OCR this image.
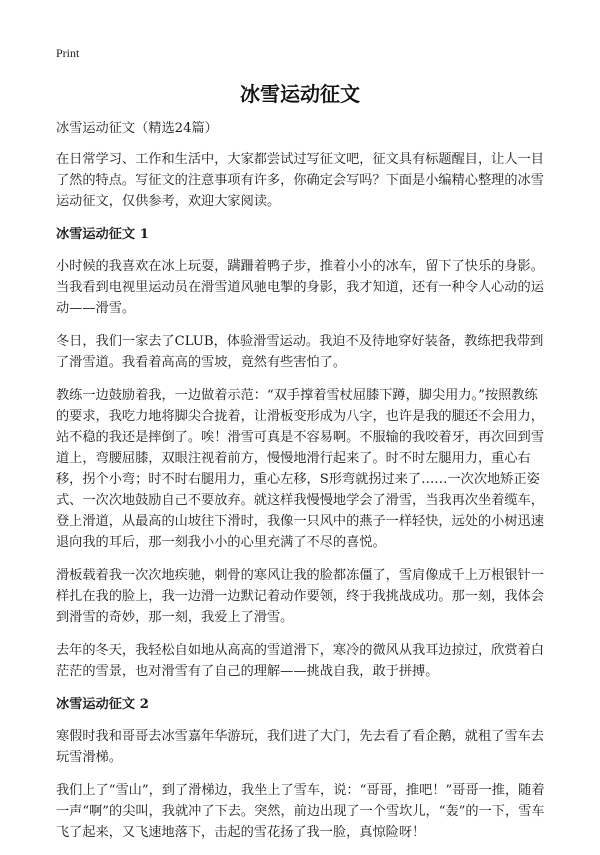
Print
冰雪运动征文

冰雪运动征文（精选24篇）

在日常学习、工作和生活中，大家都尝试过写征文吧，征文具有标题醒目，让人一目了然的特点。写征文的注意事项有许多，你确定会写吗？下面是小编精心整理的冰雪运动征文，仅供参考，欢迎大家阅读。

冰雪运动征文 1

小时候的我喜欢在冰上玩耍，蹒跚着鸭子步，推着小小的冰车，留下了快乐的身影。当我看到电视里运动员在滑雪道风驰电掣的身影，我才知道，还有一种令人心动的运动——滑雪。

冬日，我们一家去了CLUB，体验滑雪运动。我迫不及待地穿好装备，教练把我带到了滑雪道。我看着高高的雪坡，竟然有些害怕了。

教练一边鼓励着我，一边做着示范：“双手撑着雪杖屈膝下蹲，脚尖用力。”按照教练的要求，我吃力地将脚尖合拢着，让滑板变形成为八字，也许是我的腿还不会用力，站不稳的我还是摔倒了。唉！滑雪可真是不容易啊。不服输的我咬着牙，再次回到雪道上，弯腰屈膝，双眼注视着前方，慢慢地滑行起来了。时不时左腿用力，重心右移，拐个小弯；时不时右腿用力，重心左移，S形弯就拐过来了……一次次地矫正姿式、一次次地鼓励自己不要放弃。就这样我慢慢地学会了滑雪，当我再次坐着缆车，登上滑道，从最高的山坡往下滑时，我像一只风中的燕子一样轻快，远处的小树迅速退向我的耳后，那一刻我小小的心里充满了不尽的喜悦。

滑板载着我一次次地疾驰，刺骨的寒风让我的脸都冻僵了，雪肩像成千上万根银针一样扎在我的脸上，我一边滑一边默记着动作要领，终于我挑战成功。那一刻，我体会到滑雪的奇妙，那一刻，我爱上了滑雪。

去年的冬天，我轻松自如地从高高的雪道滑下，寒冷的微风从我耳边掠过，欣赏着白茫茫的雪景，也对滑雪有了自己的理解——挑战自我，敢于拼搏。

冰雪运动征文 2

寒假时我和哥哥去冰雪嘉年华游玩，我们进了大门，先去看了看企鹅，就租了雪车去玩雪滑梯。

我们上了“雪山”，到了滑梯边，我坐上了雪车，说：“哥哥，推吧！”哥哥一推，随着一声“啊”的尖叫，我就冲了下去。突然，前边出现了一个雪坎儿，“轰”的一下，雪车飞了起来，又飞速地落下，击起的雪花扬了我一脸，真惊险呀！
